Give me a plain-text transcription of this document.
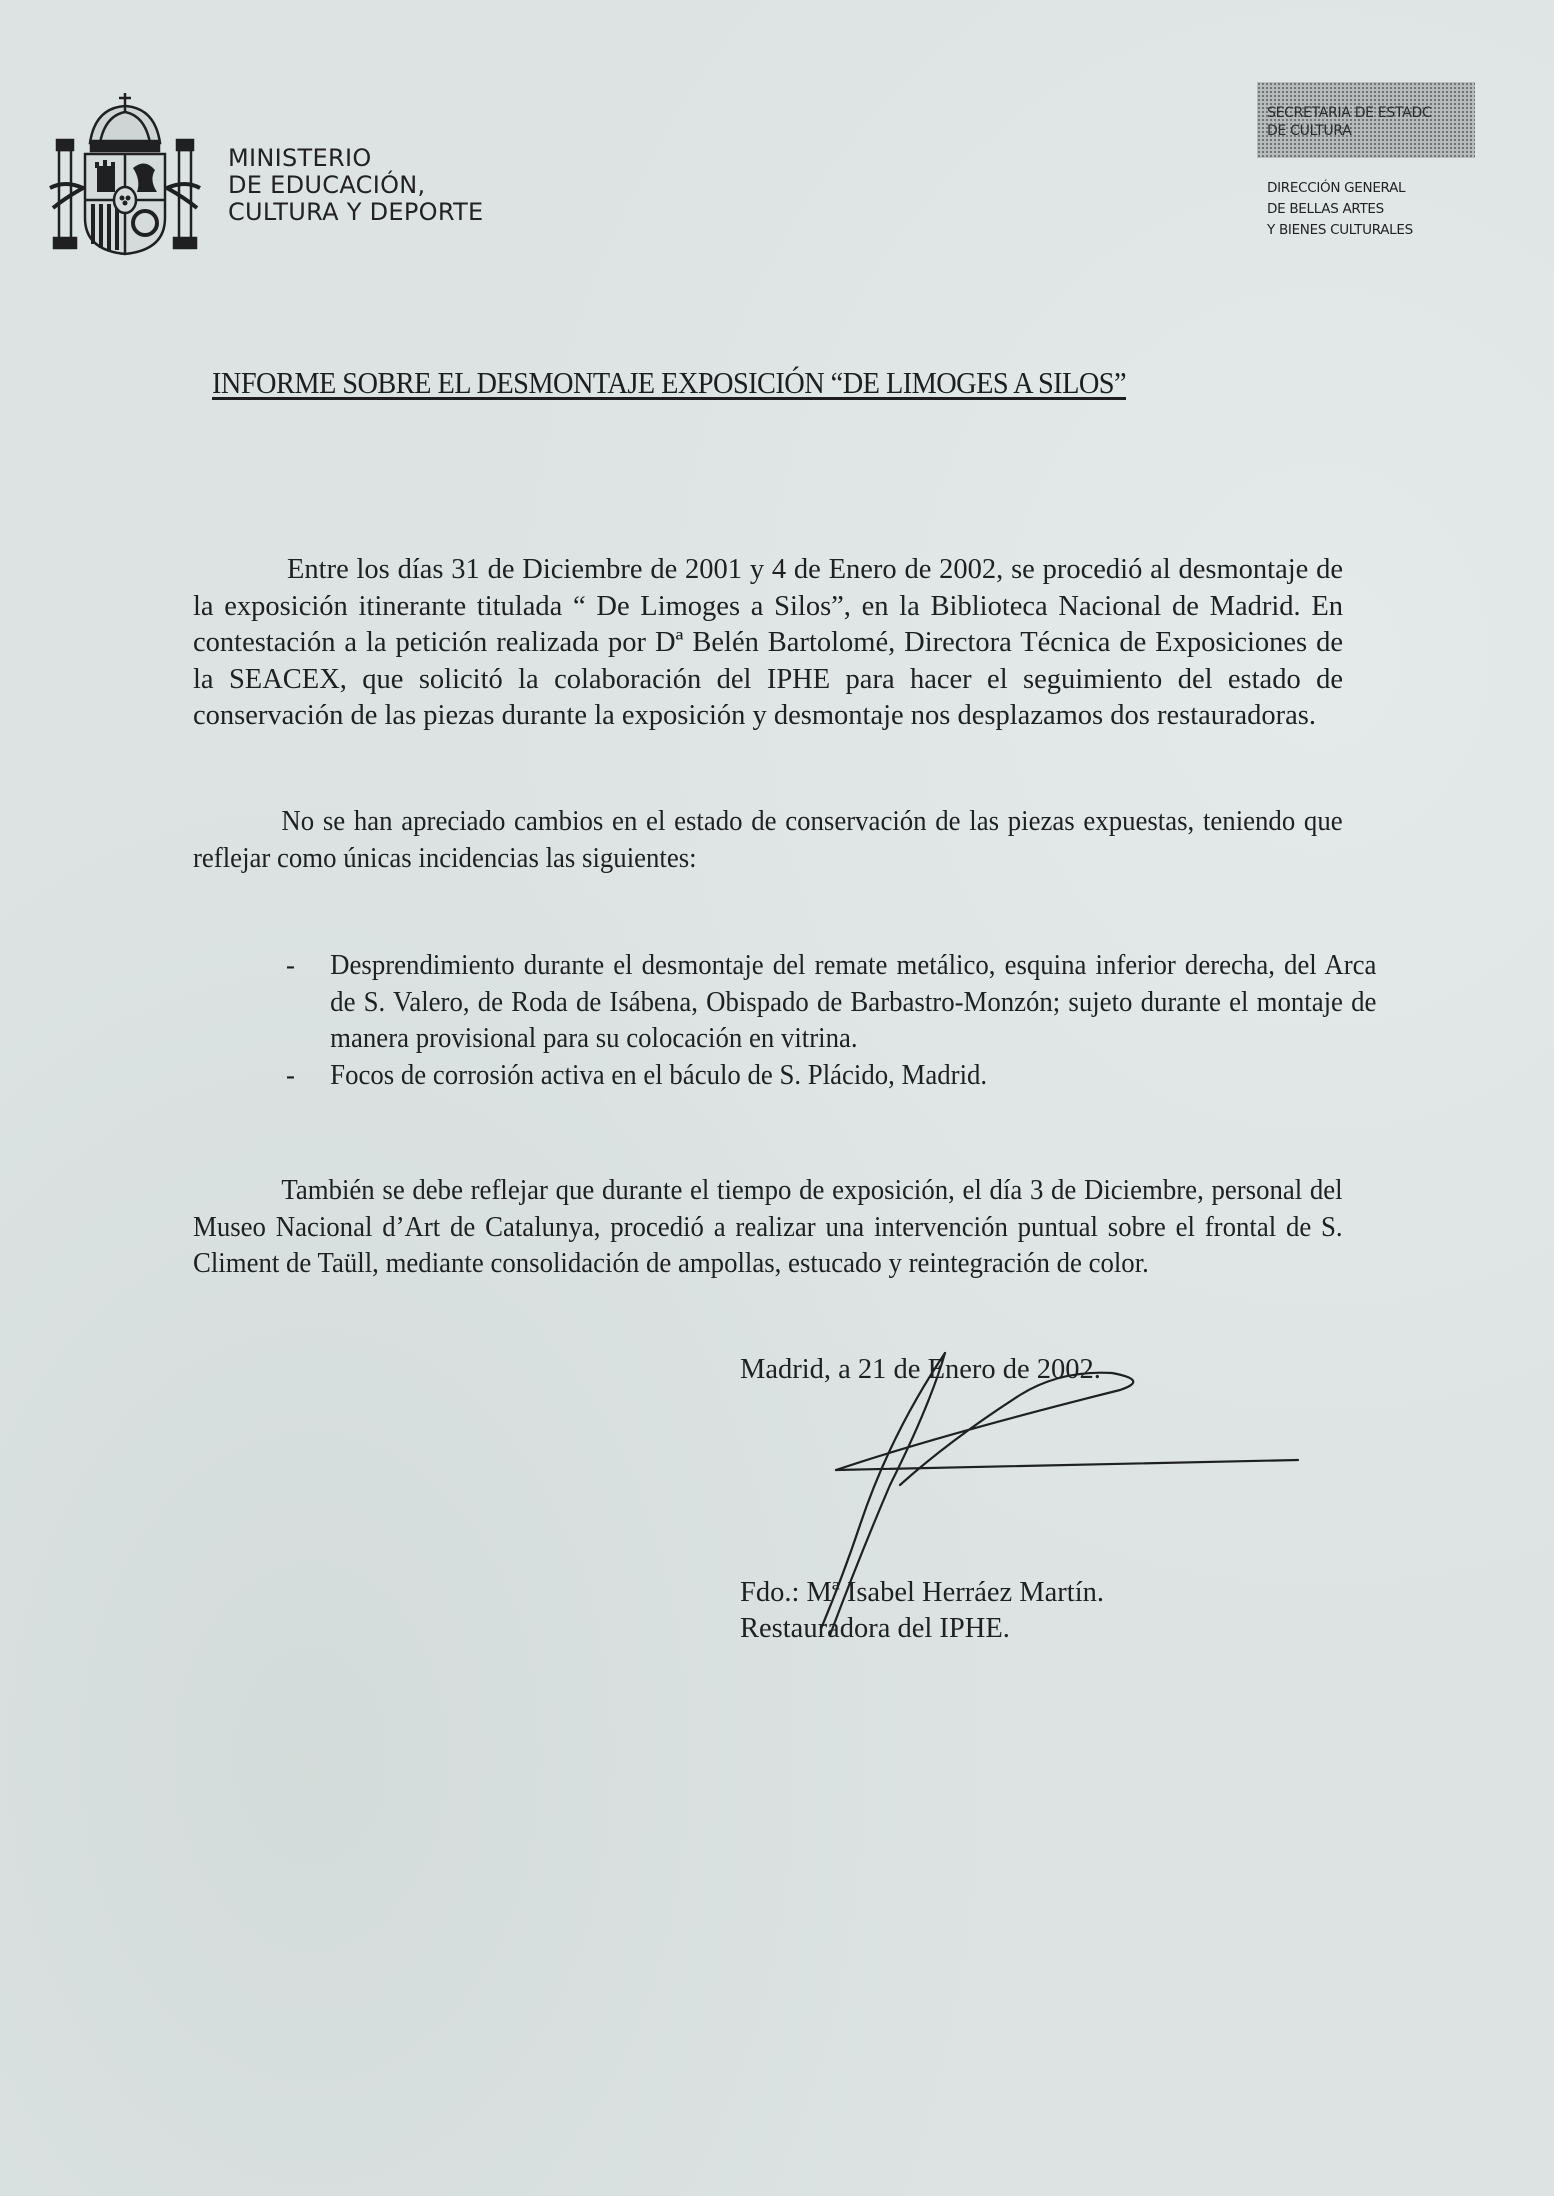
MINISTERIO
DE EDUCACIÓN,
CULTURA Y DEPORTE
SECRETARIA DE ESTADC
DE CULTURA
DIRECCIÓN GENERAL
DE BELLAS ARTES
Y BIENES CULTURALES
INFORME SOBRE EL DESMONTAJE EXPOSICIÓN “DE LIMOGES A SILOS”
Entre los días 31 de Diciembre de 2001 y 4 de Enero de 2002, se procedió al desmontaje de la exposición itinerante titulada “ De Limoges a Silos”, en la Biblioteca Nacional de Madrid. En contestación a la petición realizada por Dª Belén Bartolomé, Directora Técnica de Exposiciones de la SEACEX, que solicitó la colaboración del IPHE para hacer el seguimiento del estado de conservación de las piezas durante la exposición y desmontaje nos desplazamos dos restauradoras.
No se han apreciado cambios en el estado de conservación de las piezas expuestas, teniendo que reflejar como únicas incidencias las siguientes:
- Desprendimiento durante el desmontaje del remate metálico, esquina inferior derecha, del Arca de S. Valero, de Roda de Isábena, Obispado de Barbastro-Monzón; sujeto durante el montaje de manera provisional para su colocación en vitrina.
- Focos de corrosión activa en el báculo de S. Plácido, Madrid.
También se debe reflejar que durante el tiempo de exposición, el día 3 de Diciembre, personal del Museo Nacional d’Art de Catalunya, procedió a realizar una intervención puntual sobre el frontal de S. Climent de Taüll, mediante consolidación de ampollas, estucado y reintegración de color.
Madrid, a 21 de Enero de 2002.
Fdo.: Mª Isabel Herráez Martín.
Restauradora del IPHE.
